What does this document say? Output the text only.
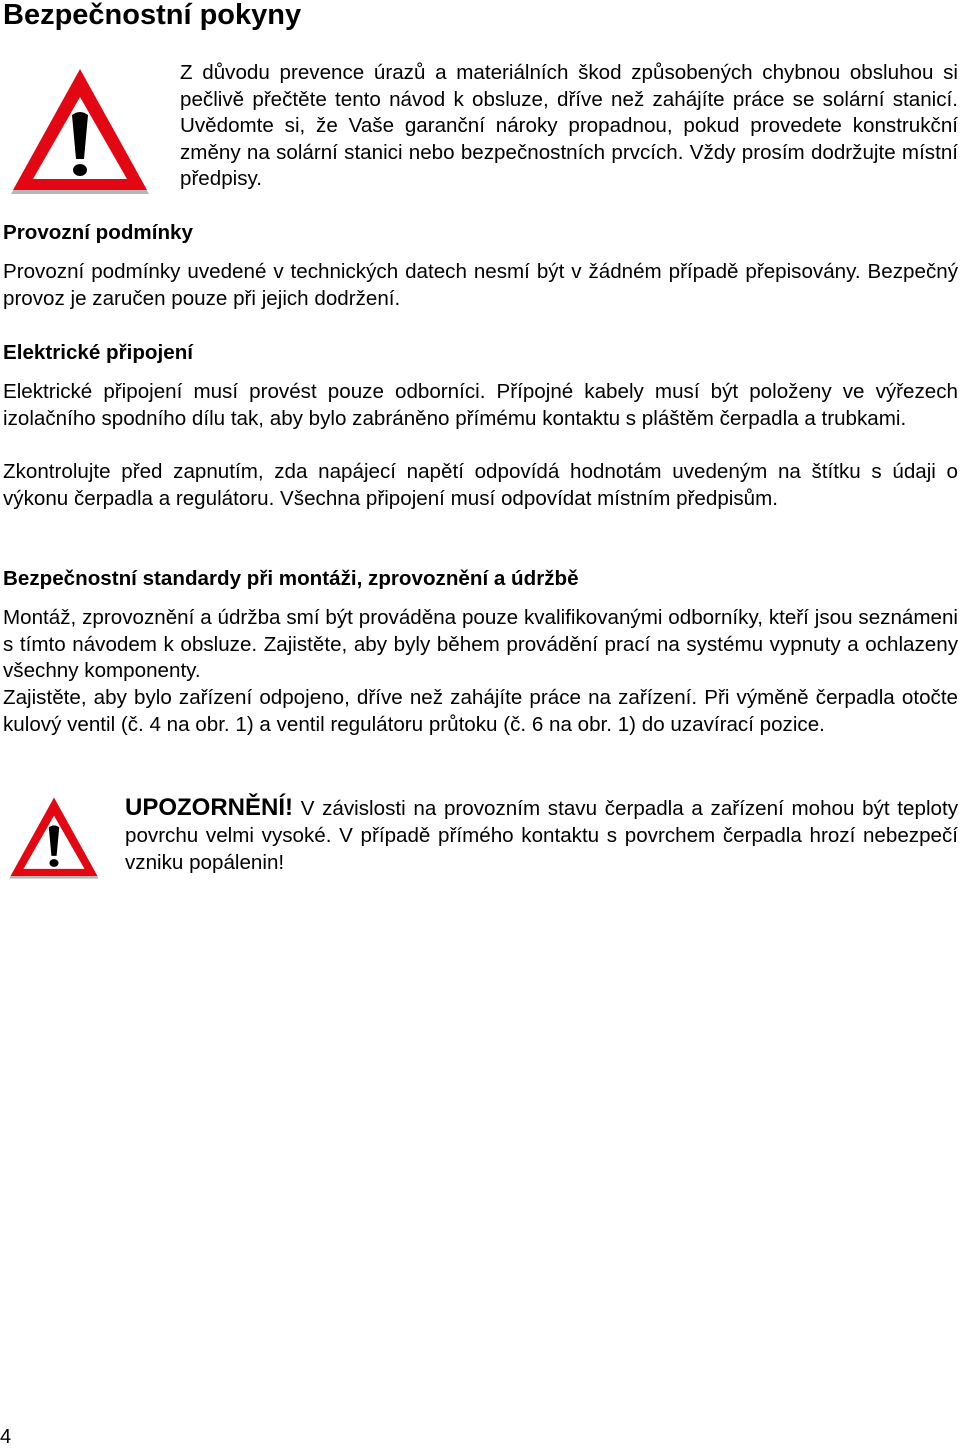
Bezpečnostní pokyny

Z důvodu prevence úrazů a materiálních škod způsobených chybnou obsluhou si pečlivě přečtěte tento návod k obsluze, dříve než zahájíte práce se solární stanicí. Uvědomte si, že Vaše garanční nároky propadnou, pokud provedete konstrukční změny na solární stanici nebo bezpečnostních prvcích. Vždy prosím dodržujte místní předpisy.

Provozní podmínky

Provozní podmínky uvedené v technických datech nesmí být v žádném případě přepisovány. Bezpečný provoz je zaručen pouze při jejich dodržení.

Elektrické připojení

Elektrické připojení musí provést pouze odborníci. Přípojné kabely musí být položeny ve výřezech izolačního spodního dílu tak, aby bylo zabráněno přímému kontaktu s pláštěm čerpadla a trubkami.

Zkontrolujte před zapnutím, zda napájecí napětí odpovídá hodnotám uvedeným na štítku s údaji o výkonu čerpadla a regulátoru. Všechna připojení musí odpovídat místním předpisům.

Bezpečnostní standardy při montáži, zprovoznění a údržbě

Montáž, zprovoznění a údržba smí být prováděna pouze kvalifikovanými odborníky, kteří jsou seznámeni s tímto návodem k obsluze. Zajistěte, aby byly během provádění prací na systému vypnuty a ochlazeny všechny komponenty.

Zajistěte, aby bylo zařízení odpojeno, dříve než zahájíte práce na zařízení. Při výměně čerpadla otočte kulový ventil (č. 4 na obr. 1) a ventil regulátoru průtoku (č. 6 na obr. 1) do uzavírací pozice.

UPOZORNĚNÍ! V závislosti na provozním stavu čerpadla a zařízení mohou být teploty povrchu velmi vysoké. V případě přímého kontaktu s povrchem čerpadla hrozí nebezpečí vzniku popálenin!

4
